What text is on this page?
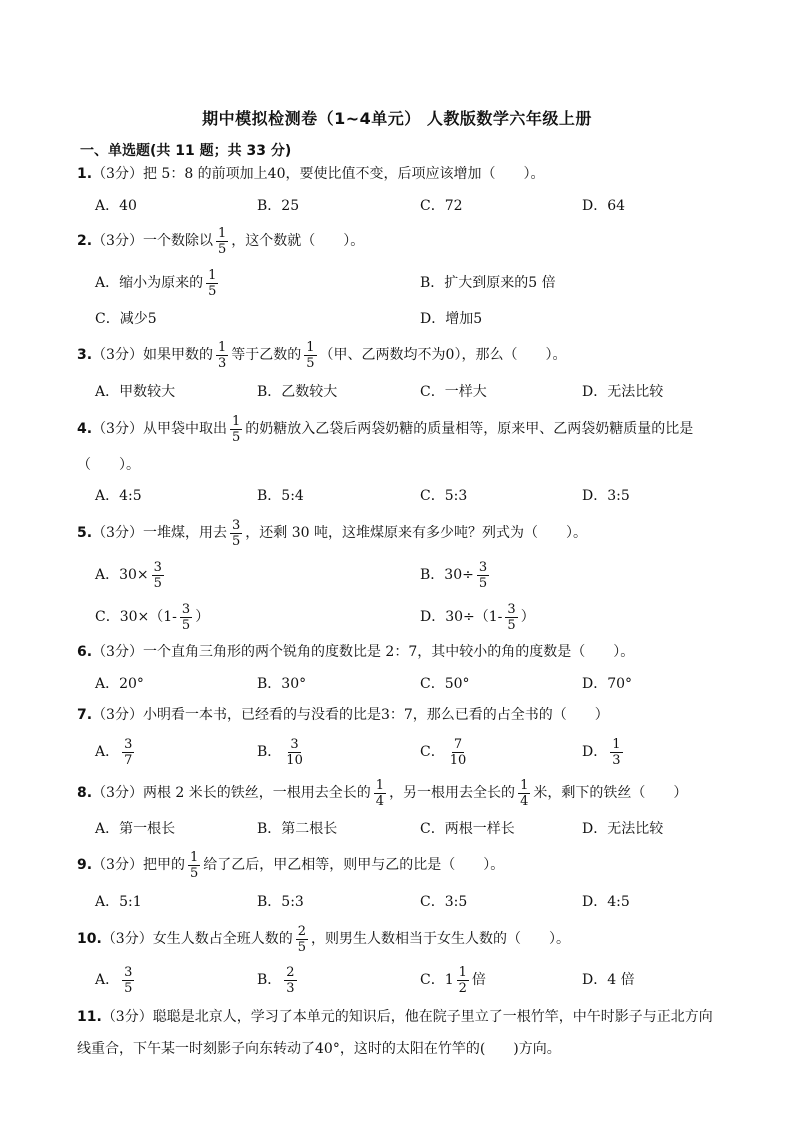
期中模拟检测卷（1~4单元） 人教版数学六年级上册
一、单选题(共 11 题；共 33 分)
1.（3分）把 5：8 的前项加上40，要使比值不变，后项应该增加（　　）。
A．40	B．25	C．72	D．64
2. （3分）一个数除以 $\frac{1}{5}$ ，这个数就（　　）。
A．缩小为原来的 $\frac{1}{5}$	B．扩大到原来的5 倍
C．减少5	D．增加5
3. （3分）如果甲数的 $\frac{1}{3}$ 等于乙数的 $\frac{1}{5}$ （甲、乙两数均不为0），那么（　　）。
A．甲数较大	B．乙数较大	C．一样大	D．无法比较
4. （3分）从甲袋中取出 $\frac{1}{5}$ 的奶糖放入乙袋后两袋奶糖的质量相等，原来甲、乙两袋奶糖质量的比是
（　　）。
A．4:5	B．5:4	C．5:3	D．3:5
5. （3分）一堆煤，用去 $\frac{3}{5}$ ，还剩 30 吨，这堆煤原来有多少吨？列式为（　　）。
A．$30\times \frac{3}{5}$	B．$30\div \frac{3}{5}$
C．$30\times(1- \frac{3}{5}$ ）	D．$30\div(1- \frac{3}{5}$ ）
6.（3分）一个直角三角形的两个锐角的度数比是 2：7，其中较小的角的度数是（　　）。
A．20°	B．30°	C．50°	D．70°
7.（3分）小明看一本书，已经看的与没看的比是3：7，那么已看的占全书的（　　）
A． $\frac{3}{7}$	B． $\frac{3}{10}$	C． $\frac{7}{10}$	D． $\frac{1}{3}$
8. （3分）两根 2 米长的铁丝，一根用去全长的 $\frac{1}{4}$ ，另一根用去全长的 $\frac{1}{4}$ 米，剩下的铁丝（　　）
A．第一根长	B．第二根长	C．两根一样长	D．无法比较
9. （3分）把甲的 $\frac{1}{5}$ 给了乙后，甲乙相等，则甲与乙的比是（　　）。
A．5:1	B．5:3	C．3:5	D．4:5
10. （3分）女生人数占全班人数的 $\frac{2}{5}$ ，则男生人数相当于女生人数的（　　）。
A． $\frac{3}{5}$	B． $\frac{2}{3}$	C．$1 \frac{1}{2}$ 倍	D．4 倍
11.（3分）聪聪是北京人，学习了本单元的知识后，他在院子里立了一根竹竿，中午时影子与正北方向
线重合，下午某一时刻影子向东转动了40°，这时的太阳在竹竿的(　　)方向。
